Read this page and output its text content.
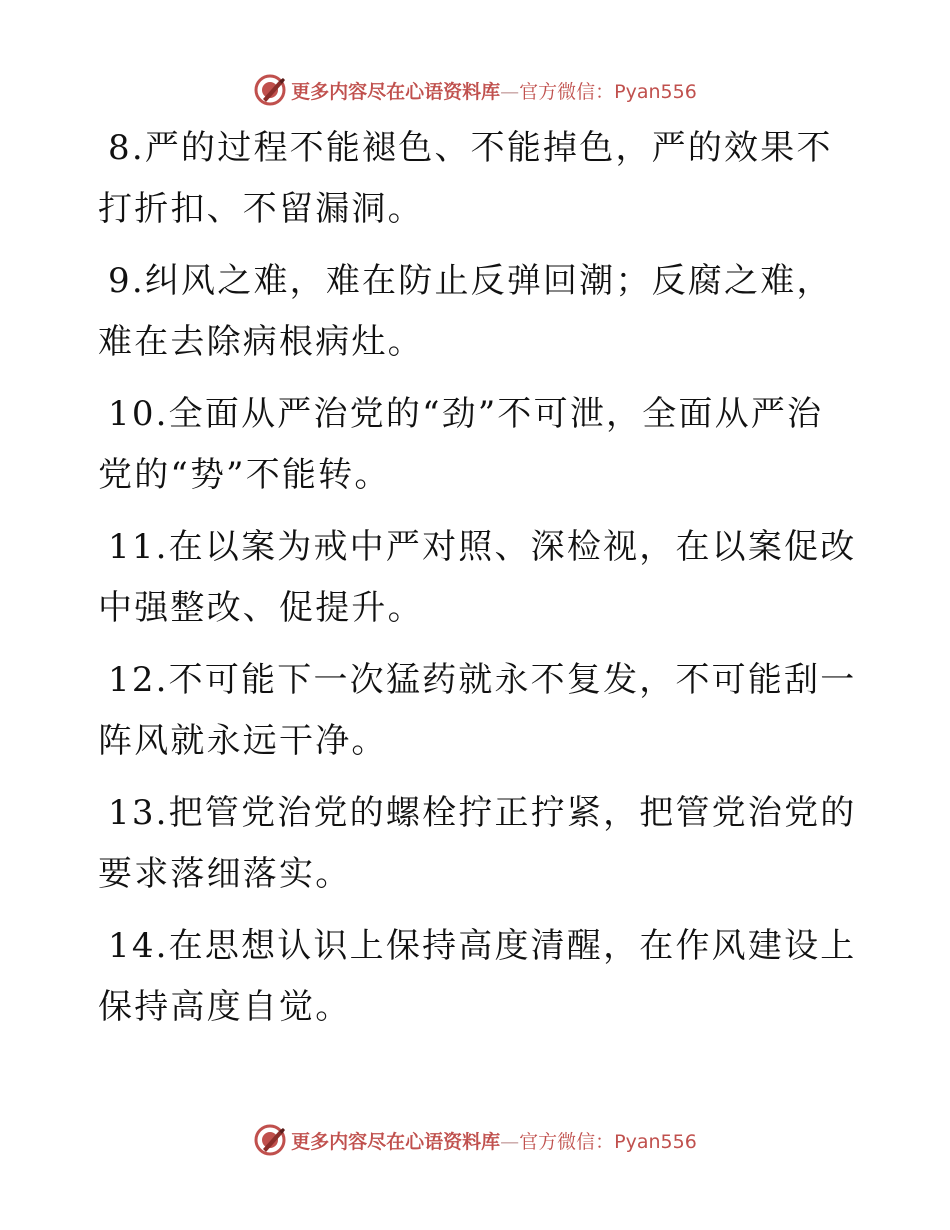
更多内容尽在心语资料库—官方微信：Pyan556

8.严的过程不能褪色、不能掉色，严的效果不打折扣、不留漏洞。

9.纠风之难，难在防止反弹回潮；反腐之难，难在去除病根病灶。

10.全面从严治党的“劲”不可泄，全面从严治党的“势”不能转。

11.在以案为戒中严对照、深检视，在以案促改中强整改、促提升。

12.不可能下一次猛药就永不复发，不可能刮一阵风就永远干净。

13.把管党治党的螺栓拧正拧紧，把管党治党的要求落细落实。

14.在思想认识上保持高度清醒，在作风建设上保持高度自觉。

更多内容尽在心语资料库—官方微信：Pyan556
